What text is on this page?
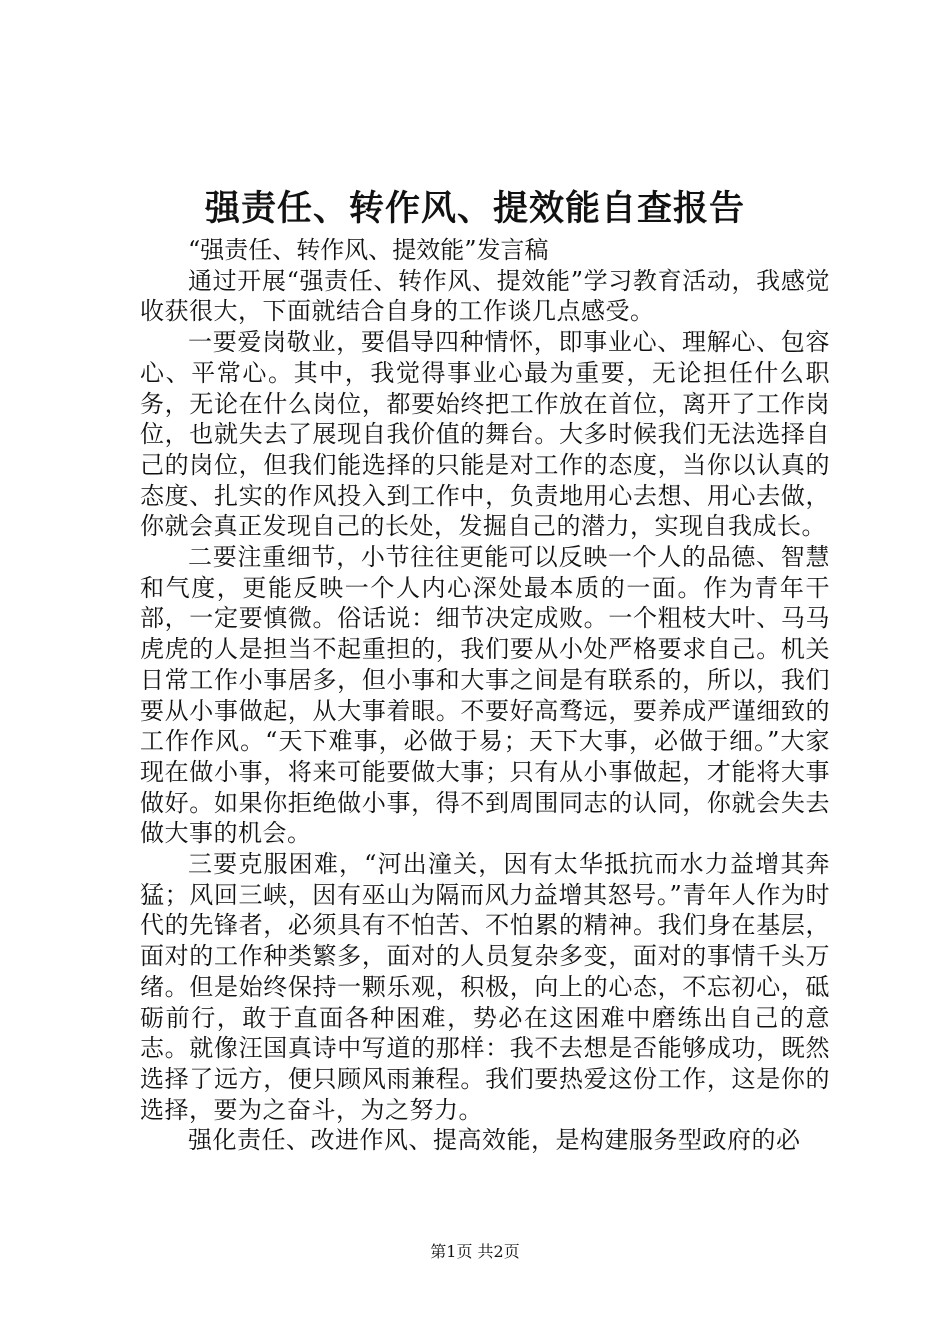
强责任、转作风、提效能自查报告

“强责任、转作风、提效能”发言稿

通过开展“强责任、转作风、提效能”学习教育活动，我感觉收获很大，下面就结合自身的工作谈几点感受。

一要爱岗敬业，要倡导四种情怀，即事业心、理解心、包容心、平常心。其中，我觉得事业心最为重要，无论担任什么职务，无论在什么岗位，都要始终把工作放在首位，离开了工作岗位，也就失去了展现自我价值的舞台。大多时候我们无法选择自己的岗位，但我们能选择的只能是对工作的态度，当你以认真的态度、扎实的作风投入到工作中，负责地用心去想、用心去做，你就会真正发现自己的长处，发掘自己的潜力，实现自我成长。

二要注重细节，小节往往更能可以反映一个人的品德、智慧和气度，更能反映一个人内心深处最本质的一面。作为青年干部，一定要慎微。俗话说：细节决定成败。一个粗枝大叶、马马虎虎的人是担当不起重担的，我们要从小处严格要求自己。机关日常工作小事居多，但小事和大事之间是有联系的，所以，我们要从小事做起，从大事着眼。不要好高骛远，要养成严谨细致的工作作风。“天下难事，必做于易；天下大事，必做于细。”大家现在做小事，将来可能要做大事；只有从小事做起，才能将大事做好。如果你拒绝做小事，得不到周围同志的认同，你就会失去做大事的机会。

三要克服困难，“河出潼关，因有太华抵抗而水力益增其奔猛；风回三峡，因有巫山为隔而风力益增其怒号。”青年人作为时代的先锋者，必须具有不怕苦、不怕累的精神。我们身在基层，面对的工作种类繁多，面对的人员复杂多变，面对的事情千头万绪。但是始终保持一颗乐观，积极，向上的心态，不忘初心，砥砺前行，敢于直面各种困难，势必在这困难中磨练出自己的意志。就像汪国真诗中写道的那样：我不去想是否能够成功，既然选择了远方，便只顾风雨兼程。我们要热爱这份工作，这是你的选择，要为之奋斗，为之努力。

强化责任、改进作风、提高效能，是构建服务型政府的必

第1页 共2页
